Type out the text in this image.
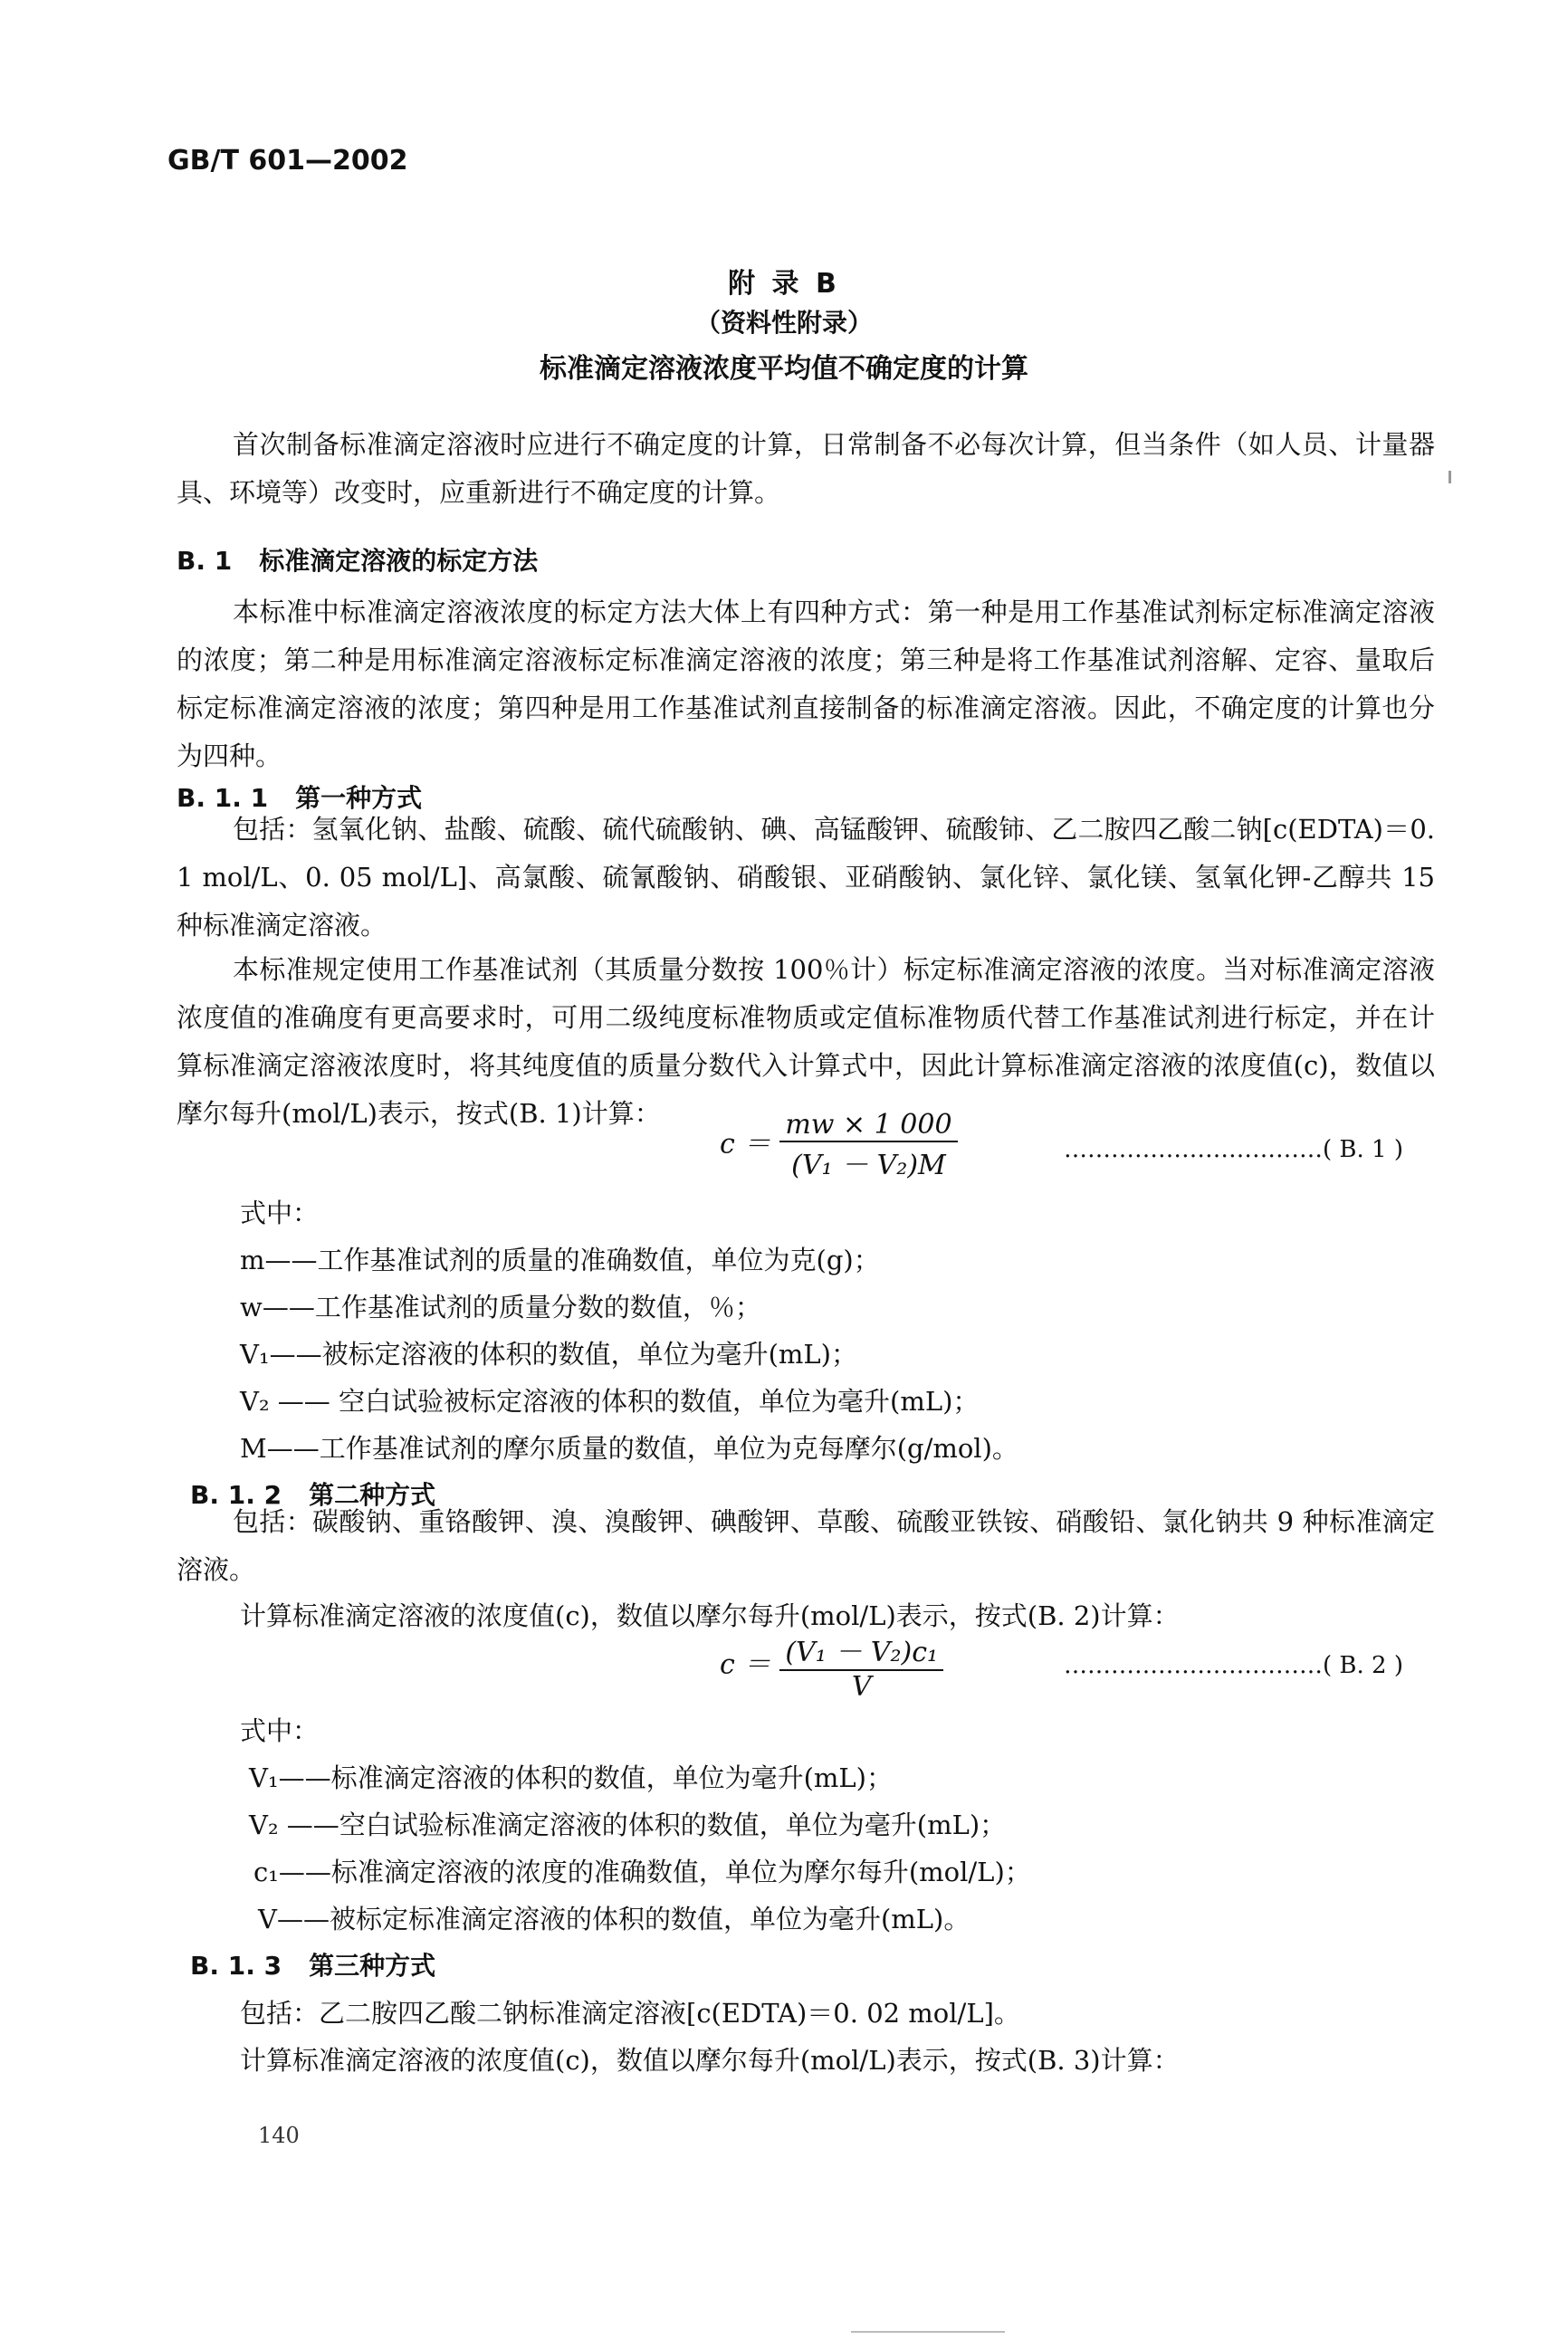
GB/T 601—2002
附 录 B
（资料性附录）
标准滴定溶液浓度平均值不确定度的计算
首次制备标准滴定溶液时应进行不确定度的计算，日常制备不必每次计算，但当条件（如人员、计量器具、环境等）改变时，应重新进行不确定度的计算。
B. 1 标准滴定溶液的标定方法
本标准中标准滴定溶液浓度的标定方法大体上有四种方式：第一种是用工作基准试剂标定标准滴定溶液的浓度；第二种是用标准滴定溶液标定标准滴定溶液的浓度；第三种是将工作基准试剂溶解、定容、量取后标定标准滴定溶液的浓度；第四种是用工作基准试剂直接制备的标准滴定溶液。因此，不确定度的计算也分为四种。
B. 1. 1 第一种方式
包括：氢氧化钠、盐酸、硫酸、硫代硫酸钠、碘、高锰酸钾、硫酸铈、乙二胺四乙酸二钠[c(EDTA)＝0. 1 mol/L、0. 05 mol/L]、高氯酸、硫氰酸钠、硝酸银、亚硝酸钠、氯化锌、氯化镁、氢氧化钾-乙醇共 15 种标准滴定溶液。
本标准规定使用工作基准试剂（其质量分数按 100％计）标定标准滴定溶液的浓度。当对标准滴定溶液浓度值的准确度有更高要求时，可用二级纯度标准物质或定值标准物质代替工作基准试剂进行标定，并在计算标准滴定溶液浓度时，将其纯度值的质量分数代入计算式中，因此计算标准滴定溶液的浓度值(c)，数值以摩尔每升(mol/L)表示，按式(B. 1)计算：
$c = \frac{mw \times 1 000}{\text{(V₁ － V₂)M}}$	……………………………( B. 1 )
式中：
m——工作基准试剂的质量的准确数值，单位为克(g)；
w——工作基准试剂的质量分数的数值，％；
V₁——被标定溶液的体积的数值，单位为毫升(mL)；
V₂ —— 空白试验被标定溶液的体积的数值，单位为毫升(mL)；
M——工作基准试剂的摩尔质量的数值，单位为克每摩尔(g/mol)。
B. 1. 2 第二种方式
包括：碳酸钠、重铬酸钾、溴、溴酸钾、碘酸钾、草酸、硫酸亚铁铵、硝酸铅、氯化钠共 9 种标准滴定溶液。
计算标准滴定溶液的浓度值(c)，数值以摩尔每升(mol/L)表示，按式(B. 2)计算：
$c = \frac{\text{(V₁ － V₂)c₁}}{V}$	……………………………( B. 2 )
式中：
V₁——标准滴定溶液的体积的数值，单位为毫升(mL)；
V₂ ——空白试验标准滴定溶液的体积的数值，单位为毫升(mL)；
c₁——标准滴定溶液的浓度的准确数值，单位为摩尔每升(mol/L)；
V——被标定标准滴定溶液的体积的数值，单位为毫升(mL)。
B. 1. 3 第三种方式
包括：乙二胺四乙酸二钠标准滴定溶液[c(EDTA)＝0. 02 mol/L]。
计算标准滴定溶液的浓度值(c)，数值以摩尔每升(mol/L)表示，按式(B. 3)计算：
140
